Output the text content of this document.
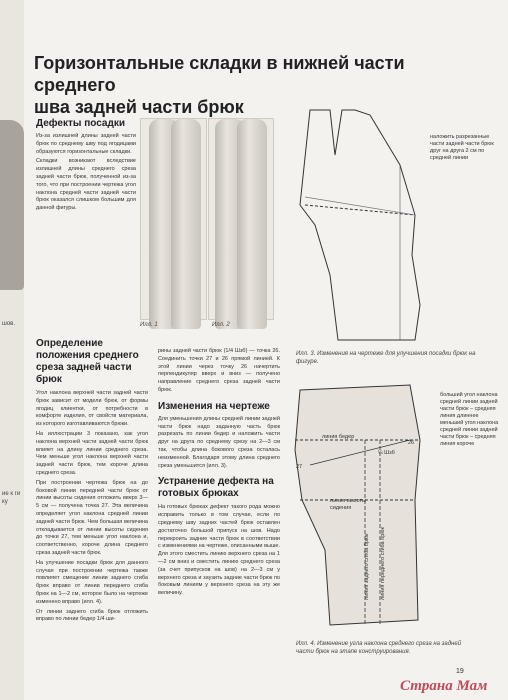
шов.
ие к ги ку
Горизонтальные складки в нижней части среднего
шва задней части брюк
Дефекты посадки
Из-за излишней длины задней части брюк по среднему шву под ягодицами образуются горизонтальные складки.
Складки возникают вследствие излишней длины среднего среза задней части брюк, полученной из-за того, что при построении чертежа угол наклона средней части задней части брюк оказался слишком большим для данной фигуры.
Илл. 1	Илл. 2
наложить разрезанные части задней части брюк друг на друга 2 см по средней линии
Илл. 3. Изменения на чертеже для улучшения посадки брюк на фигуре.
Определение положения среднего среза задней части брюк
Угол наклона верхней части задней части брюк зависит от модели брюк, от формы ягодиц клиентки, от потребности в комфорте изделия, от свойств материала, из которого изготавливаются брюки.
На иллюстрации 3 показано, как угол наклона верхней части задней части брюк влияет на длину линии среднего среза. Чем меньше угол наклона верхней части задней части брюк, тем короче длина среднего среза.
При построении чертежа брюк на до боковой линии передней части брюк от линии высоты сидения отложить вверх 3—5 см — получена точка 27. Эта величина определяет угол наклона средней линии задней части брюк. Чем большая величина откладывается от линии высоты сидения до точки 27, тем меньше угол наклона и, соответственно, короче длина среднего среза задней части брюк.
На улучшение посадки брюк для данного случая при построении чертежа также повлияет смещение линии заднего сгиба брюк вправо от линии переднего сгиба брюк на 1—2 см, которое было на чертеже изменено вправо (илл. 4).
От линии заднего сгиба брюк отложить вправо по линии бедер 1/4 ши-
рины задней части брюк (1/4 Шзб) — точка 26. Соединить точки 27 и 26 прямой линией. К этой линии через точку 26 начертить перпендикуляр вверх и вниз — получено направление среднего среза задней части брюк.
Изменения на чертеже
Для уменьшения длины средней линии задней части брюк надо заданную часть брюк разрезать по линии бедер и наложить части друг на друга по среднему срезу на 2—3 см так, чтобы длина бокового среза осталась неизменной. Благодаря этому длина среднего среза уменьшится (илл. 3).
Устранение дефекта на готовых брюках
На готовых брюках дефект такого рода можно исправить только в том случае, если по среднему шву задних частей брюк оставлен достаточно большой припуск на шов. Надо перекроить задние части брюк в соответствии с изменениями на чертеже, описанными выше. Для этого сместить линию верхнего среза на 1—2 см вниз и сместить линию среднего среза (за счет припусков на шов) на 2—3 см у верхнего среза и заузить задние части брюк по боковым линиям у верхнего среза на эту же величину.
линия бедер
27
26
¼ Шзб
линия высоты сидения
линия заднего сгиба брюк линия переднего сгиба брюк
больший угол наклона средней линии задней части брюк – средняя линия длиннее
меньший угол наклона средней линии задней части брюк – средняя линия короче
Илл. 4. Изменение угла наклона среднего среза на задней части брюк на этапе конструирования.
19
Страна Мам
